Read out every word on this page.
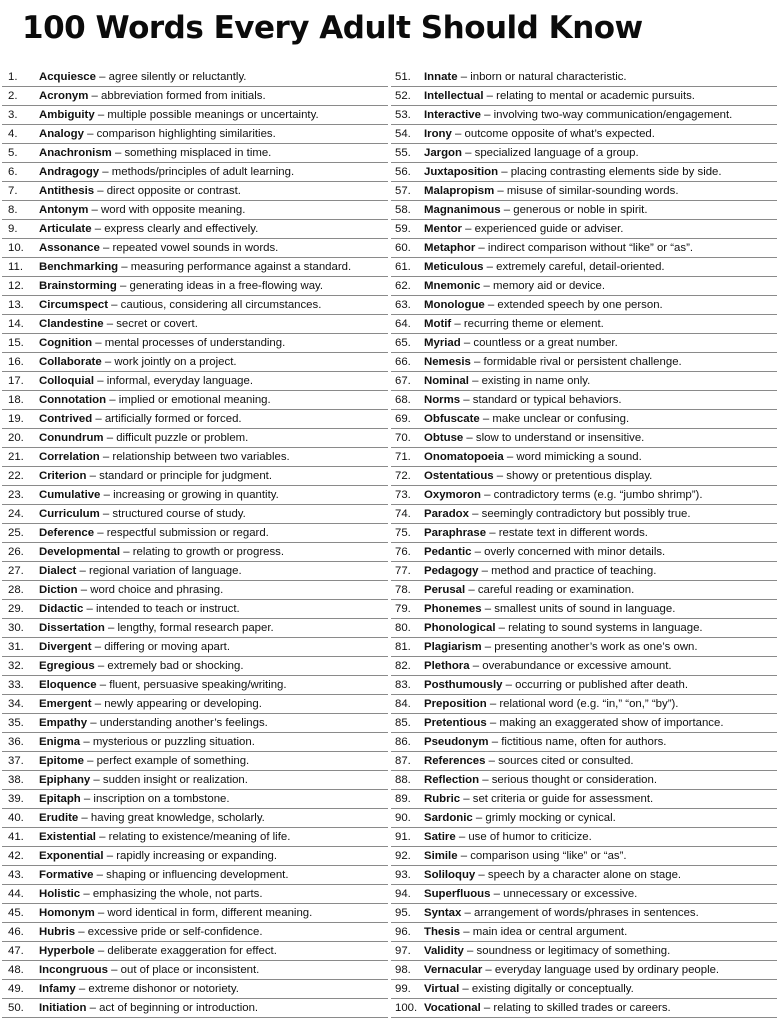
100 Words Every Adult Should Know
1.	Acquiesce – agree silently or reluctantly.
2.	Acronym – abbreviation formed from initials.
3.	Ambiguity – multiple possible meanings or uncertainty.
4.	Analogy – comparison highlighting similarities.
5.	Anachronism – something misplaced in time.
6.	Andragogy – methods/principles of adult learning.
7.	Antithesis – direct opposite or contrast.
8.	Antonym – word with opposite meaning.
9.	Articulate – express clearly and effectively.
10.	Assonance – repeated vowel sounds in words.
11.	Benchmarking – measuring performance against a standard.
12.	Brainstorming – generating ideas in a free-flowing way.
13.	Circumspect – cautious, considering all circumstances.
14.	Clandestine – secret or covert.
15.	Cognition – mental processes of understanding.
16.	Collaborate – work jointly on a project.
17.	Colloquial – informal, everyday language.
18.	Connotation – implied or emotional meaning.
19.	Contrived – artificially formed or forced.
20.	Conundrum – difficult puzzle or problem.
21.	Correlation – relationship between two variables.
22.	Criterion – standard or principle for judgment.
23.	Cumulative – increasing or growing in quantity.
24.	Curriculum – structured course of study.
25.	Deference – respectful submission or regard.
26.	Developmental – relating to growth or progress.
27.	Dialect – regional variation of language.
28.	Diction – word choice and phrasing.
29.	Didactic – intended to teach or instruct.
30.	Dissertation – lengthy, formal research paper.
31.	Divergent – differing or moving apart.
32.	Egregious – extremely bad or shocking.
33.	Eloquence – fluent, persuasive speaking/writing.
34.	Emergent – newly appearing or developing.
35.	Empathy – understanding another’s feelings.
36.	Enigma – mysterious or puzzling situation.
37.	Epitome – perfect example of something.
38.	Epiphany – sudden insight or realization.
39.	Epitaph – inscription on a tombstone.
40.	Erudite – having great knowledge, scholarly.
41.	Existential – relating to existence/meaning of life.
42.	Exponential – rapidly increasing or expanding.
43.	Formative – shaping or influencing development.
44.	Holistic – emphasizing the whole, not parts.
45.	Homonym – word identical in form, different meaning.
46.	Hubris – excessive pride or self-confidence.
47.	Hyperbole – deliberate exaggeration for effect.
48.	Incongruous – out of place or inconsistent.
49.	Infamy – extreme dishonor or notoriety.
50.	Initiation – act of beginning or introduction.
51.	Innate – inborn or natural characteristic.
52.	Intellectual – relating to mental or academic pursuits.
53.	Interactive – involving two-way communication/engagement.
54.	Irony – outcome opposite of what’s expected.
55.	Jargon – specialized language of a group.
56.	Juxtaposition – placing contrasting elements side by side.
57.	Malapropism – misuse of similar-sounding words.
58.	Magnanimous – generous or noble in spirit.
59.	Mentor – experienced guide or adviser.
60.	Metaphor – indirect comparison without “like” or “as”.
61.	Meticulous – extremely careful, detail-oriented.
62.	Mnemonic – memory aid or device.
63.	Monologue – extended speech by one person.
64.	Motif – recurring theme or element.
65.	Myriad – countless or a great number.
66.	Nemesis – formidable rival or persistent challenge.
67.	Nominal – existing in name only.
68.	Norms – standard or typical behaviors.
69.	Obfuscate – make unclear or confusing.
70.	Obtuse – slow to understand or insensitive.
71.	Onomatopoeia – word mimicking a sound.
72.	Ostentatious – showy or pretentious display.
73.	Oxymoron – contradictory terms (e.g. “jumbo shrimp”).
74.	Paradox – seemingly contradictory but possibly true.
75.	Paraphrase – restate text in different words.
76.	Pedantic – overly concerned with minor details.
77.	Pedagogy – method and practice of teaching.
78.	Perusal – careful reading or examination.
79.	Phonemes – smallest units of sound in language.
80.	Phonological – relating to sound systems in language.
81.	Plagiarism – presenting another’s work as one’s own.
82.	Plethora – overabundance or excessive amount.
83.	Posthumously – occurring or published after death.
84.	Preposition – relational word (e.g. “in,” “on,” “by”).
85.	Pretentious – making an exaggerated show of importance.
86.	Pseudonym – fictitious name, often for authors.
87.	References – sources cited or consulted.
88.	Reflection – serious thought or consideration.
89.	Rubric – set criteria or guide for assessment.
90.	Sardonic – grimly mocking or cynical.
91.	Satire – use of humor to criticize.
92.	Simile – comparison using “like” or “as”.
93.	Soliloquy – speech by a character alone on stage.
94.	Superfluous – unnecessary or excessive.
95.	Syntax – arrangement of words/phrases in sentences.
96.	Thesis – main idea or central argument.
97.	Validity – soundness or legitimacy of something.
98.	Vernacular – everyday language used by ordinary people.
99.	Virtual – existing digitally or conceptually.
100. Vocational – relating to skilled trades or careers.
